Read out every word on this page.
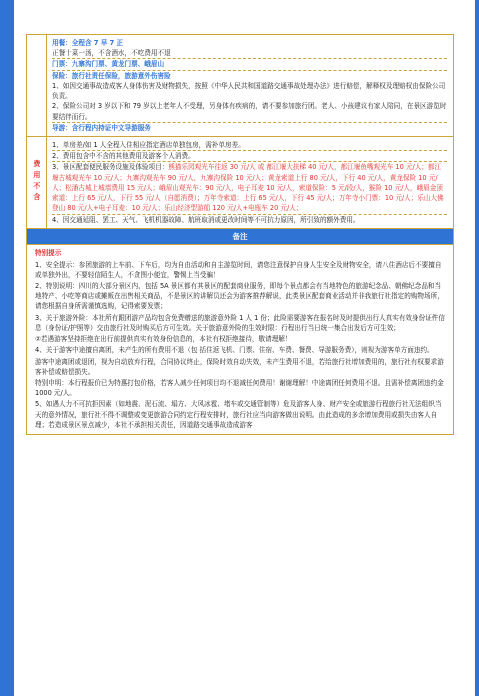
用餐：全程含 7 早 7 正
正餐十菜一汤，不含酒水，不吃费用不退
门票：九寨沟门票、黄龙门票、峨眉山
保险：旅行社责任保险，旅游意外伤害险
1、如因交通事故造成客人身体伤害及财物损失，按照《中华人民共和国道路交通事故处理办法》进行赔偿，解释权及理赔权由保险公司负责。
2、保险公司对 3 岁以下和 79 岁以上老年人不受理，另身体有疾病的，请不要参加旅行团。老人、小孩建议有家人陪同，在景区游览时要结伴而行。
导游：含行程内持证中文导游服务
费用不含
1、单房差/如 1 人全程入住相应指定酒店单独包房，需补单房差。
2、费用包含中不含的其他费用及游客个人消费。
3、景区配套便民服务设施及体验项目：熊猫乐园观光车往返 30 元/人 或 都江堰大扶梯 40 元/人，都江堰鱼嘴观光车 10 元/人；都江堰古城观光车 10 元/人；九寨沟观光车 90 元/人，九寨沟保险 10 元/人；黄龙索道上行 80 元/人，下行 40 元/人，黄龙保险 10 元/人；松潘古城上城墙费用 15 元/人；峨眉山观光车：90 元/人，电子耳麦 10 元/人，索道保险：5 元/段/人，猴险 10 元/人，峨眉金顶索道：上行 65 元/人，下行 55 元/人（自愿消费）；万年寺索道：上行 65 元/人，下行 45 元/人；万年寺小门票：10 元/人；乐山大佛登山 80 元/人+电子耳麦：10 元/人；乐山经济型游船 120 元/人+电瓶车 20 元/人；
4、因交通延阻、罢工、天气、飞机机器故障、航班取消或更改时间等不可抗力原因，所引致的额外费用。
备注
特别提示

1、安全提示：参团旅游的上车前、下车后，均为自由活动和自主游览时间，请您注意保护自身人生安全及财物安全，请八住酒店后不要擅自或单独外出，不要轻信陌生人，不贪图小便宜，警惕上当受骗！

2、特别说明：四川的大部分景区内，包括 5A 景区都有其景区的配套商业服务，即每个景点都会有当地特色的旅游纪念品、朝佛纪念品和当地特产、小吃等商店或摊贩在出售相关商品，不是景区的讲解员还会为游客推荐解说，此类景区配套商业活动并非我旅行社指定的购物场所，请您根据自身所需谨慎选购，记得索要发票；

3、关于旅游外险：本社所有跟团游产品均包含免费赠送的旅游意外险 1 人 1 份；此险需要游客在报名时及时提供出行人真实有效身份证件信息（身份证/护照等）交由旅行社及时购买后方可生效。关于旅游意外险的生效时限：行程出行当日统一集合出发后方可生效；

②若遇游客坚持拒绝在出行前提供真实有效身份信息的，本社有权拒绝接待，敬请理解！

4、关于游客中途擅自离团，未产生的所有费用不退（包 括住返飞机、门票、住宿、车费、餐费、导游服务费），则视为游客单方面违约。

游客中途离团或退团，视为自动放弃行程，合同协议终止，保险时效自动失效，未产生费用不退，若给旅行社增加费用的，旅行社有权要求游客补偿或赔偿损失。

特别申明：本行程报价已为特惠打包价格，若客人减少任何项目均不退减任何费用！谢谢理解！中途离团任何费用不退。且需补偿离团违约金 1000 元/人。

5、如遇人力不可抗拒因素（如地震、泥石流、塌方、大风冰雹、堵车或交通管制等）危及游客人身、财产安全或旅游行程旅行社无法组织当天的意外情况，旅行社不得不调整或变更旅游合同约定行程安排时，旅行社应当向游客做出说明。由此造成的多余增加费用或损失由客人自理；若造成景区景点减少，本社不承担相关责任，因道路交通事故造成游客
